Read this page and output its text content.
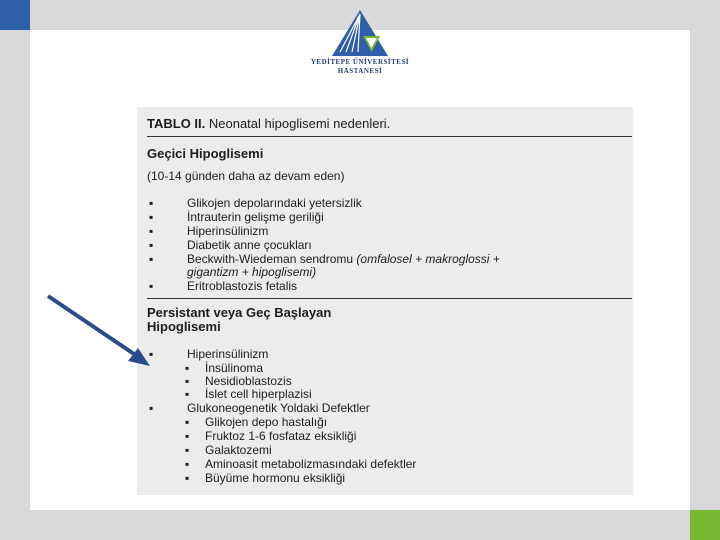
YEDİTEPE ÜNİVERSİTESİ
HASTANESİ
TABLO II. Neonatal hipoglisemi nedenleri.
Geçici Hipoglisemi
(10-14 günden daha az devam eden)
▪	Glikojen depolarındaki yetersizlik
▪	İntrauterin gelişme geriliği
▪	Hiperinsülinizm
▪	Diabetik anne çocukları
▪	Beckwith-Wiedeman sendromu (omfalosel + makroglossi +
gigantizm + hipoglisemi)
▪	Eritroblastozis fetalis
Persistant veya Geç Başlayan
Hipoglisemi
▪	Hiperinsülinizm
▪ İnsülinoma
▪ Nesidioblastozis
▪ İslet cell hiperplazisi
▪	Glukoneogenetik Yoldaki Defektler
▪ Glikojen depo hastalığı
▪ Fruktoz 1-6 fosfataz eksikliği
▪ Galaktozemi
▪ Aminoasit metabolizmasındaki defektler
▪ Büyüme hormonu eksikliği
